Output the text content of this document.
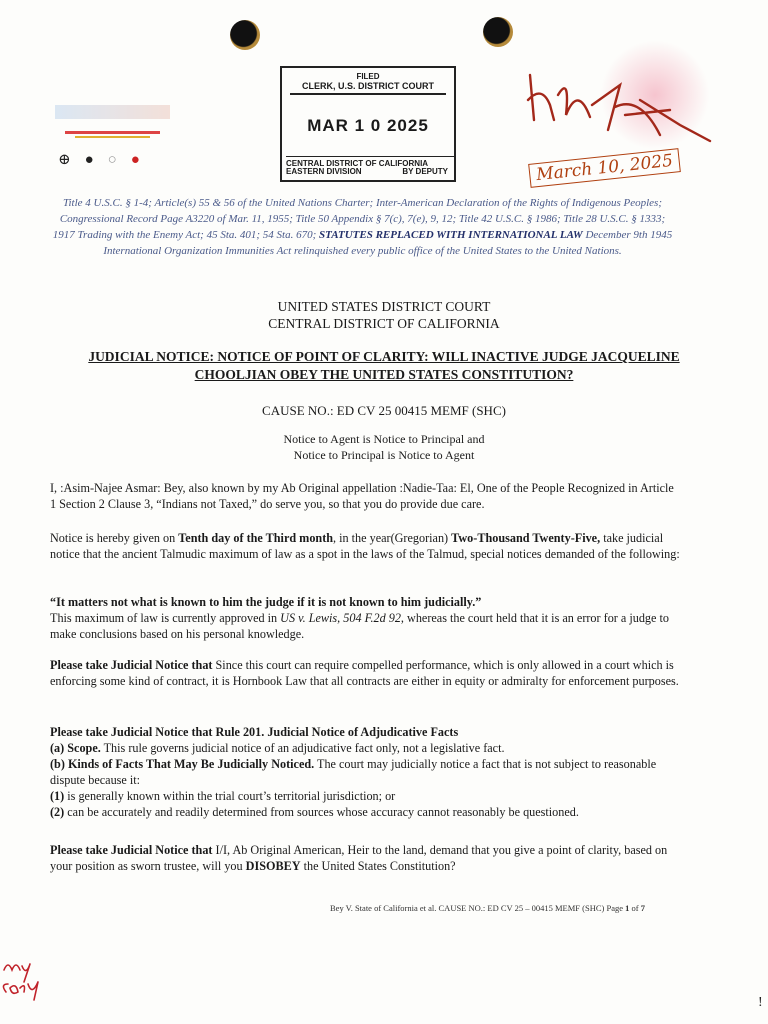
⊕●○●
FILED
CLERK, U.S. DISTRICT COURT
MAR 1 0 2025
CENTRAL DISTRICT OF CALIFORNIA
EASTERN DIVISION	BY DEPUTY	March 10, 2025
Title 4 U.S.C. § 1-4; Article(s) 55 & 56 of the United Nations Charter; Inter-American Declaration of the Rights of Indigenous Peoples; Congressional Record Page A3220 of Mar. 11, 1955; Title 50 Appendix § 7(c), 7(e), 9, 12; Title 42 U.S.C. § 1986; Title 28 U.S.C. § 1333; 1917 Trading with the Enemy Act; 45 Sta. 401; 54 Sta. 670; STATUTES REPLACED WITH INTERNATIONAL LAW December 9th 1945 International Organization Immunities Act relinquished every public office of the United States to the United Nations.
UNITED STATES DISTRICT COURT
CENTRAL DISTRICT OF CALIFORNIA
JUDICIAL NOTICE: NOTICE OF POINT OF CLARITY: WILL INACTIVE JUDGE JACQUELINE CHOOLJIAN OBEY THE UNITED STATES CONSTITUTION?
CAUSE NO.: ED CV 25 00415 MEMF (SHC)
Notice to Agent is Notice to Principal and
Notice to Principal is Notice to Agent

I, :Asim-Najee Asmar: Bey, also known by my Ab Original appellation :Nadie-Taa: El, One of the People Recognized in Article 1 Section 2 Clause 3, “Indians not Taxed,” do serve you, so that you do provide due care.

Notice is hereby given on Tenth day of the Third month, in the year(Gregorian) Two-Thousand Twenty-Five, take judicial notice that the ancient Talmudic maximum of law as a spot in the laws of the Talmud, special notices demanded of the following:

“It matters not what is known to him the judge if it is not known to him judicially.”

This maximum of law is currently approved in US v. Lewis, 504 F.2d 92, whereas the court held that it is an error for a judge to make conclusions based on his personal knowledge.

Please take Judicial Notice that Since this court can require compelled performance, which is only allowed in a court which is enforcing some kind of contract, it is Hornbook Law that all contracts are either in equity or admiralty for enforcement purposes.

Please take Judicial Notice that Rule 201. Judicial Notice of Adjudicative Facts

(a) Scope. This rule governs judicial notice of an adjudicative fact only, not a legislative fact.

(b) Kinds of Facts That May Be Judicially Noticed. The court may judicially notice a fact that is not subject to reasonable dispute because it:

(1) is generally known within the trial court’s territorial jurisdiction; or

(2) can be accurately and readily determined from sources whose accuracy cannot reasonably be questioned.

Please take Judicial Notice that I/I, Ab Original American, Heir to the land, demand that you give a point of clarity, based on your position as sworn trustee, will you DISOBEY the United States Constitution?

Bey V. State of California et al. CAUSE NO.: ED CV 25 – 00415 MEMF (SHC) Page 1 of 7
!
